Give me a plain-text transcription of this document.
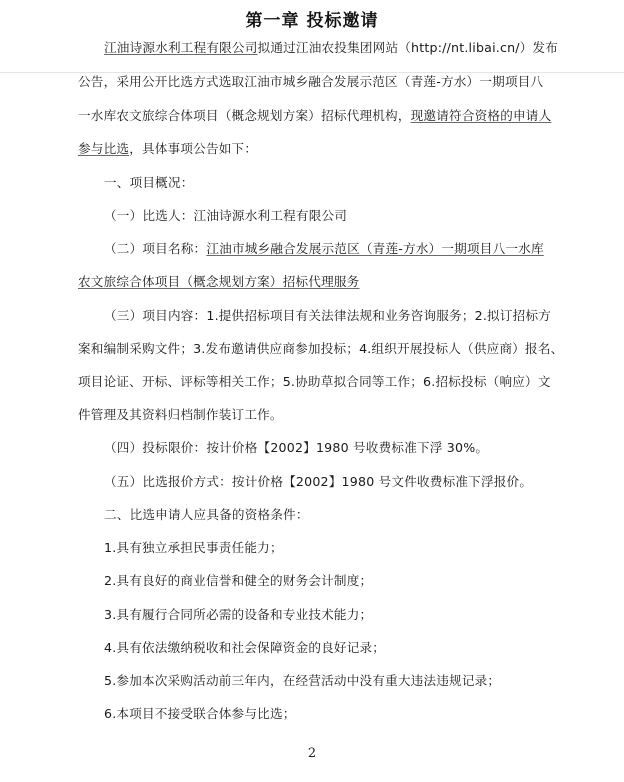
第一章 投标邀请
江油诗源水利工程有限公司拟通过江油农投集团网站（http://nt.libai.cn/）发布
公告，采用公开比选方式选取江油市城乡融合发展示范区（青莲-方水）一期项目八
一水库农文旅综合体项目（概念规划方案）招标代理机构，现邀请符合资格的申请人
参与比选，具体事项公告如下：
一、项目概况：
（一）比选人：江油诗源水利工程有限公司
（二）项目名称：江油市城乡融合发展示范区（青莲-方水）一期项目八一水库
农文旅综合体项目（概念规划方案）招标代理服务
（三）项目内容：1.提供招标项目有关法律法规和业务咨询服务；2.拟订招标方
案和编制采购文件；3.发布邀请供应商参加投标；4.组织开展投标人（供应商）报名、
项目论证、开标、评标等相关工作；5.协助草拟合同等工作；6.招标投标（响应）文
件管理及其资料归档制作装订工作。
（四）投标限价：按计价格【2002】1980 号收费标准下浮 30%。
（五）比选报价方式：按计价格【2002】1980 号文件收费标准下浮报价。
二、比选申请人应具备的资格条件：
1.具有独立承担民事责任能力；
2.具有良好的商业信誉和健全的财务会计制度；
3.具有履行合同所必需的设备和专业技术能力；
4.具有依法缴纳税收和社会保障资金的良好记录；
5.参加本次采购活动前三年内，在经营活动中没有重大违法违规记录；
6.本项目不接受联合体参与比选；
2
